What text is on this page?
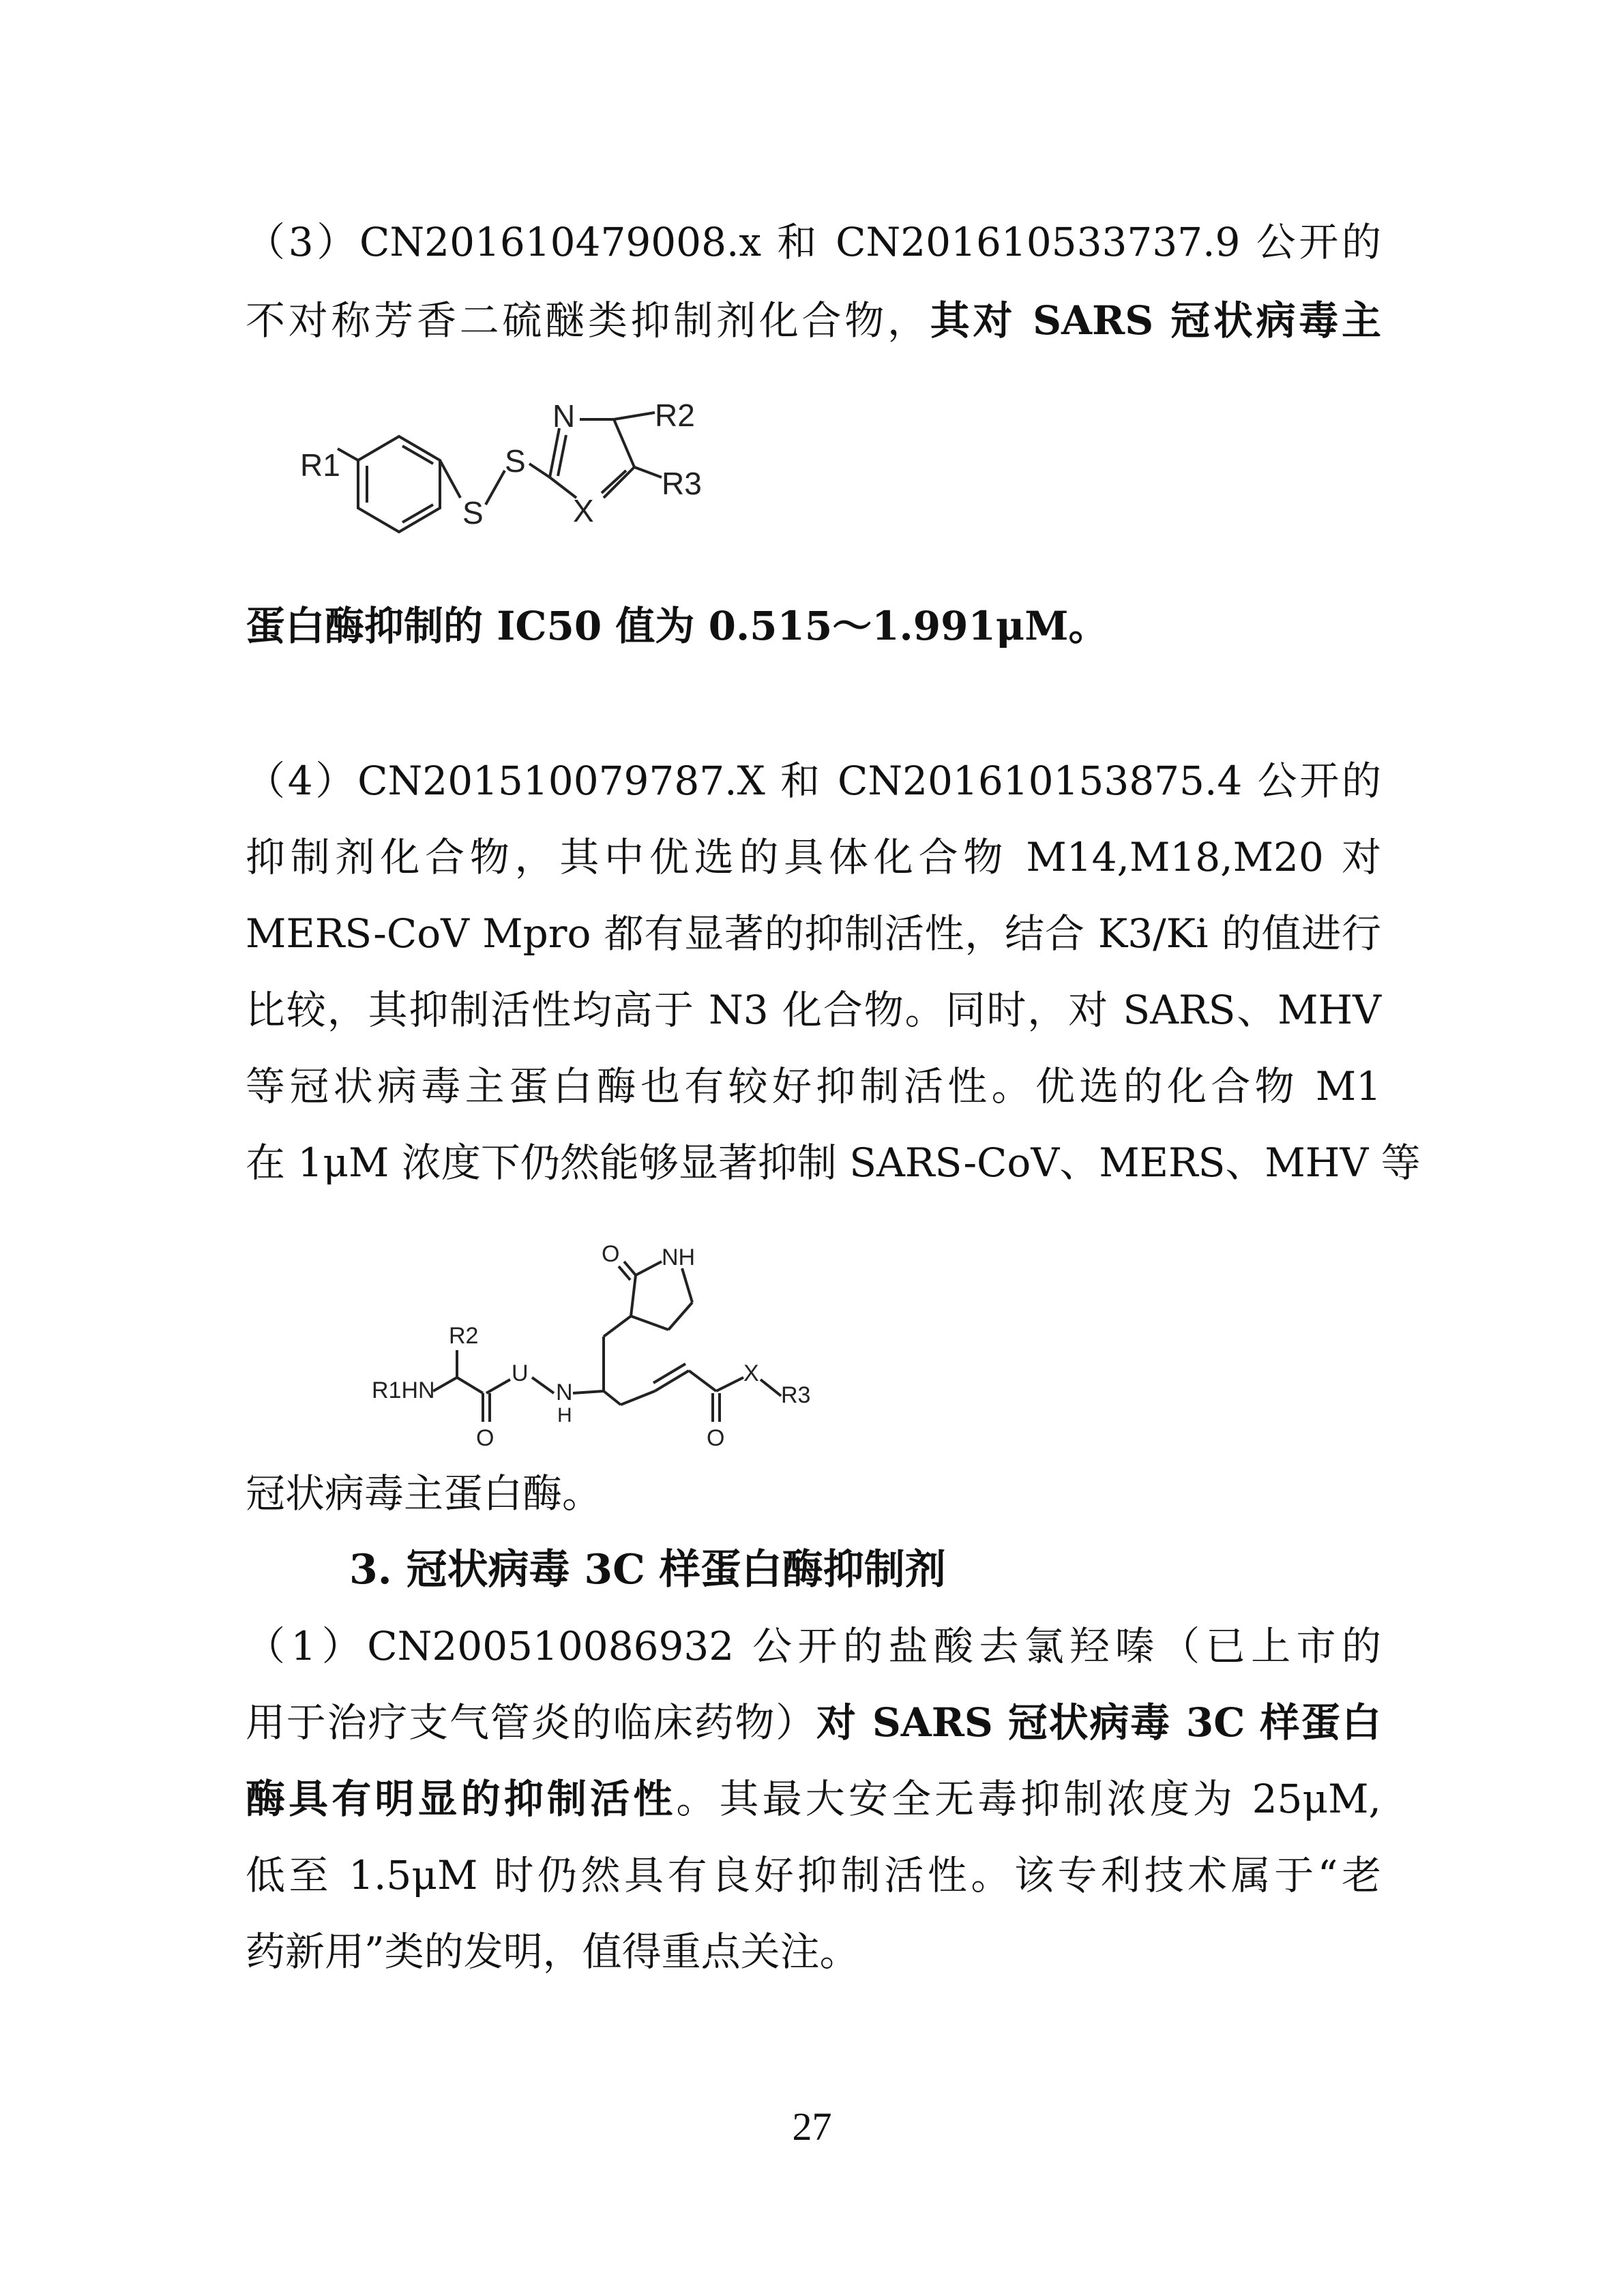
（3）CN201610479008.x 和 CN201610533737.9 公开的
不对称芳香二硫醚类抑制剂化合物，其对 SARS 冠状病毒主
R1
S
S
N
X
R2
R3
蛋白酶抑制的 IC50 值为 0.515～1.991μM。
（4）CN201510079787.X 和 CN201610153875.4 公开的
抑制剂化合物，其中优选的具体化合物 M14,M18,M20 对
MERS-CoV Mpro 都有显著的抑制活性，结合 K3/Ki 的值进行
比较，其抑制活性均高于 N3 化合物。同时，对 SARS、MHV
等冠状病毒主蛋白酶也有较好抑制活性。优选的化合物 M1
在 1μM 浓度下仍然能够显著抑制 SARS-CoV、MERS、MHV 等
O NH
R1HN
R2
O
U
N
H
O
X
R3
冠状病毒主蛋白酶。
3. 冠状病毒 3C 样蛋白酶抑制剂
（1）CN200510086932 公开的盐酸去氯羟嗪（已上市的
用于治疗支气管炎的临床药物）对 SARS 冠状病毒 3C 样蛋白
酶具有明显的抑制活性。其最大安全无毒抑制浓度为 25μM,
低至 1.5μM 时仍然具有良好抑制活性。该专利技术属于“老
药新用”类的发明，值得重点关注。
27
